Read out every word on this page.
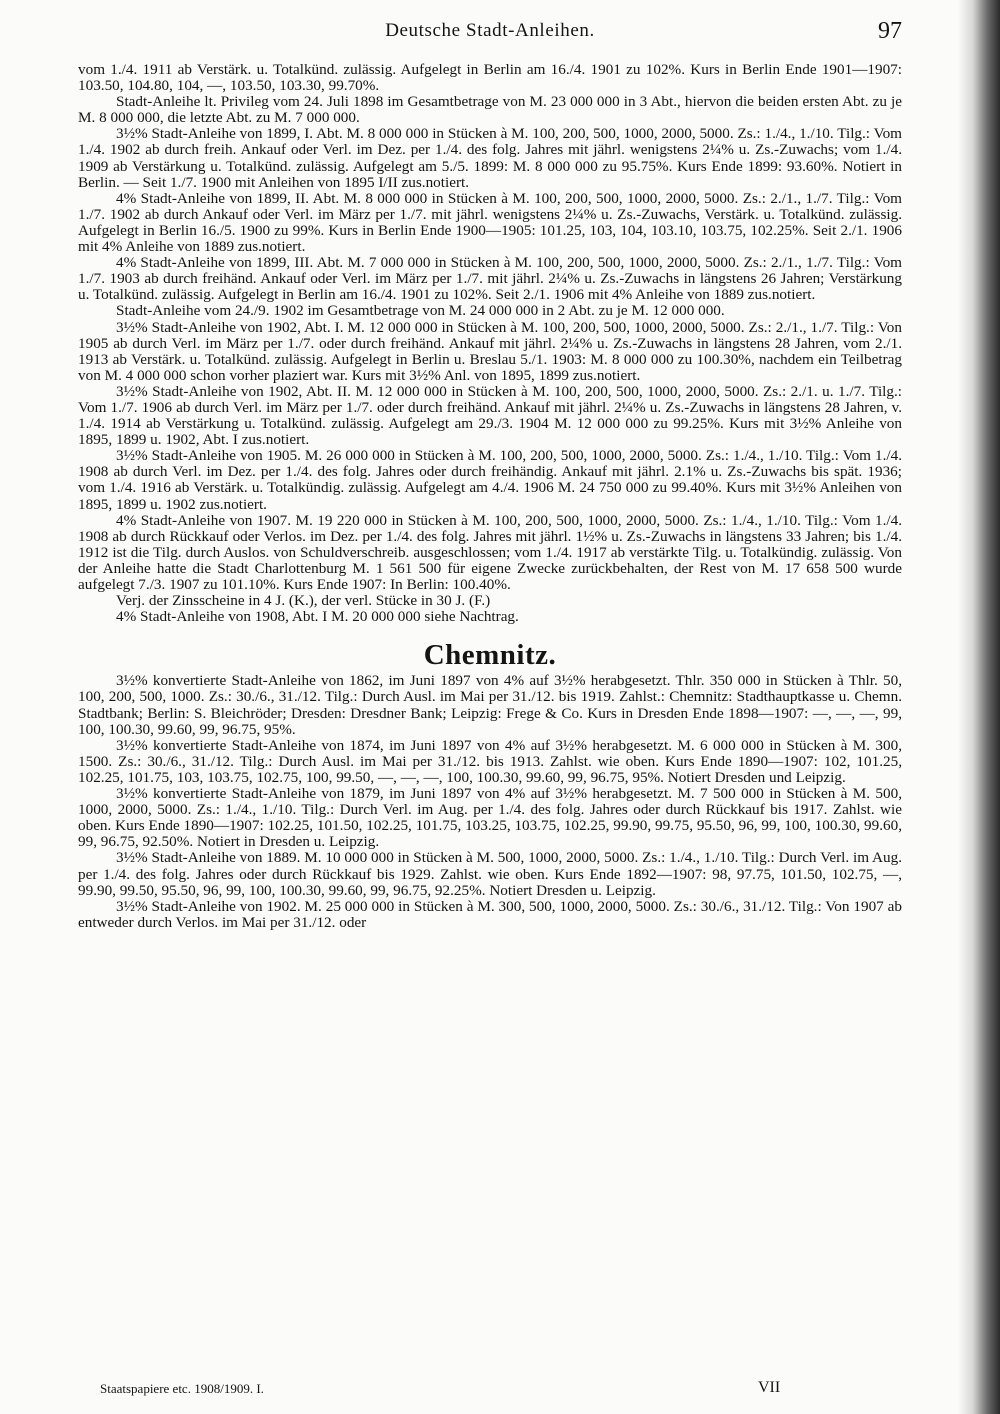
Deutsche Stadt-Anleihen.	97

vom 1./4. 1911 ab Verstärk. u. Totalkünd. zulässig. Aufgelegt in Berlin am 16./4. 1901 zu 102%. Kurs in Berlin Ende 1901—1907: 103.50, 104.80, 104, —, 103.50, 103.30, 99.70%.

Stadt-Anleihe lt. Privileg vom 24. Juli 1898 im Gesamtbetrage von M. 23 000 000 in 3 Abt., hiervon die beiden ersten Abt. zu je M. 8 000 000, die letzte Abt. zu M. 7 000 000.

3½% Stadt-Anleihe von 1899, I. Abt. M. 8 000 000 in Stücken à M. 100, 200, 500, 1000, 2000, 5000. Zs.: 1./4., 1./10. Tilg.: Vom 1./4. 1902 ab durch freih. Ankauf oder Verl. im Dez. per 1./4. des folg. Jahres mit jährl. wenigstens 2¼% u. Zs.-Zuwachs; vom 1./4. 1909 ab Verstärkung u. Totalkünd. zulässig. Aufgelegt am 5./5. 1899: M. 8 000 000 zu 95.75%. Kurs Ende 1899: 93.60%. Notiert in Berlin. — Seit 1./7. 1900 mit Anleihen von 1895 I/II zus.notiert.

4% Stadt-Anleihe von 1899, II. Abt. M. 8 000 000 in Stücken à M. 100, 200, 500, 1000, 2000, 5000. Zs.: 2./1., 1./7. Tilg.: Vom 1./7. 1902 ab durch Ankauf oder Verl. im März per 1./7. mit jährl. wenigstens 2¼% u. Zs.-Zuwachs, Verstärk. u. Totalkünd. zulässig. Aufgelegt in Berlin 16./5. 1900 zu 99%. Kurs in Berlin Ende 1900—1905: 101.25, 103, 104, 103.10, 103.75, 102.25%. Seit 2./1. 1906 mit 4% Anleihe von 1889 zus.notiert.

4% Stadt-Anleihe von 1899, III. Abt. M. 7 000 000 in Stücken à M. 100, 200, 500, 1000, 2000, 5000. Zs.: 2./1., 1./7. Tilg.: Vom 1./7. 1903 ab durch freihänd. Ankauf oder Verl. im März per 1./7. mit jährl. 2¼% u. Zs.-Zuwachs in längstens 26 Jahren; Verstärkung u. Totalkünd. zulässig. Aufgelegt in Berlin am 16./4. 1901 zu 102%. Seit 2./1. 1906 mit 4% Anleihe von 1889 zus.notiert.

Stadt-Anleihe vom 24./9. 1902 im Gesamtbetrage von M. 24 000 000 in 2 Abt. zu je M. 12 000 000.

3½% Stadt-Anleihe von 1902, Abt. I. M. 12 000 000 in Stücken à M. 100, 200, 500, 1000, 2000, 5000. Zs.: 2./1., 1./7. Tilg.: Von 1905 ab durch Verl. im März per 1./7. oder durch freihänd. Ankauf mit jährl. 2¼% u. Zs.-Zuwachs in längstens 28 Jahren, vom 2./1. 1913 ab Verstärk. u. Totalkünd. zulässig. Aufgelegt in Berlin u. Breslau 5./1. 1903: M. 8 000 000 zu 100.30%, nachdem ein Teilbetrag von M. 4 000 000 schon vorher plaziert war. Kurs mit 3½% Anl. von 1895, 1899 zus.notiert.

3½% Stadt-Anleihe von 1902, Abt. II. M. 12 000 000 in Stücken à M. 100, 200, 500, 1000, 2000, 5000. Zs.: 2./1. u. 1./7. Tilg.: Vom 1./7. 1906 ab durch Verl. im März per 1./7. oder durch freihänd. Ankauf mit jährl. 2¼% u. Zs.-Zuwachs in längstens 28 Jahren, v. 1./4. 1914 ab Verstärkung u. Totalkünd. zulässig. Aufgelegt am 29./3. 1904 M. 12 000 000 zu 99.25%. Kurs mit 3½% Anleihe von 1895, 1899 u. 1902, Abt. I zus.notiert.

3½% Stadt-Anleihe von 1905. M. 26 000 000 in Stücken à M. 100, 200, 500, 1000, 2000, 5000. Zs.: 1./4., 1./10. Tilg.: Vom 1./4. 1908 ab durch Verl. im Dez. per 1./4. des folg. Jahres oder durch freihändig. Ankauf mit jährl. 2.1% u. Zs.-Zuwachs bis spät. 1936; vom 1./4. 1916 ab Verstärk. u. Totalkündig. zulässig. Aufgelegt am 4./4. 1906 M. 24 750 000 zu 99.40%. Kurs mit 3½% Anleihen von 1895, 1899 u. 1902 zus.notiert.

4% Stadt-Anleihe von 1907. M. 19 220 000 in Stücken à M. 100, 200, 500, 1000, 2000, 5000. Zs.: 1./4., 1./10. Tilg.: Vom 1./4. 1908 ab durch Rückkauf oder Verlos. im Dez. per 1./4. des folg. Jahres mit jährl. 1½% u. Zs.-Zuwachs in längstens 33 Jahren; bis 1./4. 1912 ist die Tilg. durch Auslos. von Schuldverschreib. ausgeschlossen; vom 1./4. 1917 ab verstärkte Tilg. u. Totalkündig. zulässig. Von der Anleihe hatte die Stadt Charlottenburg M. 1 561 500 für eigene Zwecke zurückbehalten, der Rest von M. 17 658 500 wurde aufgelegt 7./3. 1907 zu 101.10%. Kurs Ende 1907: In Berlin: 100.40%.

Verj. der Zinsscheine in 4 J. (K.), der verl. Stücke in 30 J. (F.)

4% Stadt-Anleihe von 1908, Abt. I M. 20 000 000 siehe Nachtrag.

Chemnitz.

3½% konvertierte Stadt-Anleihe von 1862, im Juni 1897 von 4% auf 3½% herabgesetzt. Thlr. 350 000 in Stücken à Thlr. 50, 100, 200, 500, 1000. Zs.: 30./6., 31./12. Tilg.: Durch Ausl. im Mai per 31./12. bis 1919. Zahlst.: Chemnitz: Stadthauptkasse u. Chemn. Stadtbank; Berlin: S. Bleichröder; Dresden: Dresdner Bank; Leipzig: Frege & Co. Kurs in Dresden Ende 1898—1907: —, —, —, 99, 100, 100.30, 99.60, 99, 96.75, 95%.

3½% konvertierte Stadt-Anleihe von 1874, im Juni 1897 von 4% auf 3½% herabgesetzt. M. 6 000 000 in Stücken à M. 300, 1500. Zs.: 30./6., 31./12. Tilg.: Durch Ausl. im Mai per 31./12. bis 1913. Zahlst. wie oben. Kurs Ende 1890—1907: 102, 101.25, 102.25, 101.75, 103, 103.75, 102.75, 100, 99.50, —, —, —, 100, 100.30, 99.60, 99, 96.75, 95%. Notiert Dresden und Leipzig.

3½% konvertierte Stadt-Anleihe von 1879, im Juni 1897 von 4% auf 3½% herabgesetzt. M. 7 500 000 in Stücken à M. 500, 1000, 2000, 5000. Zs.: 1./4., 1./10. Tilg.: Durch Verl. im Aug. per 1./4. des folg. Jahres oder durch Rückkauf bis 1917. Zahlst. wie oben. Kurs Ende 1890—1907: 102.25, 101.50, 102.25, 101.75, 103.25, 103.75, 102.25, 99.90, 99.75, 95.50, 96, 99, 100, 100.30, 99.60, 99, 96.75, 92.50%. Notiert in Dresden u. Leipzig.

3½% Stadt-Anleihe von 1889. M. 10 000 000 in Stücken à M. 500, 1000, 2000, 5000. Zs.: 1./4., 1./10. Tilg.: Durch Verl. im Aug. per 1./4. des folg. Jahres oder durch Rückkauf bis 1929. Zahlst. wie oben. Kurs Ende 1892—1907: 98, 97.75, 101.50, 102.75, —, 99.90, 99.50, 95.50, 96, 99, 100, 100.30, 99.60, 99, 96.75, 92.25%. Notiert Dresden u. Leipzig.

3½% Stadt-Anleihe von 1902. M. 25 000 000 in Stücken à M. 300, 500, 1000, 2000, 5000. Zs.: 30./6., 31./12. Tilg.: Von 1907 ab entweder durch Verlos. im Mai per 31./12. oder

Staatspapiere etc. 1908/1909. I.	VII
